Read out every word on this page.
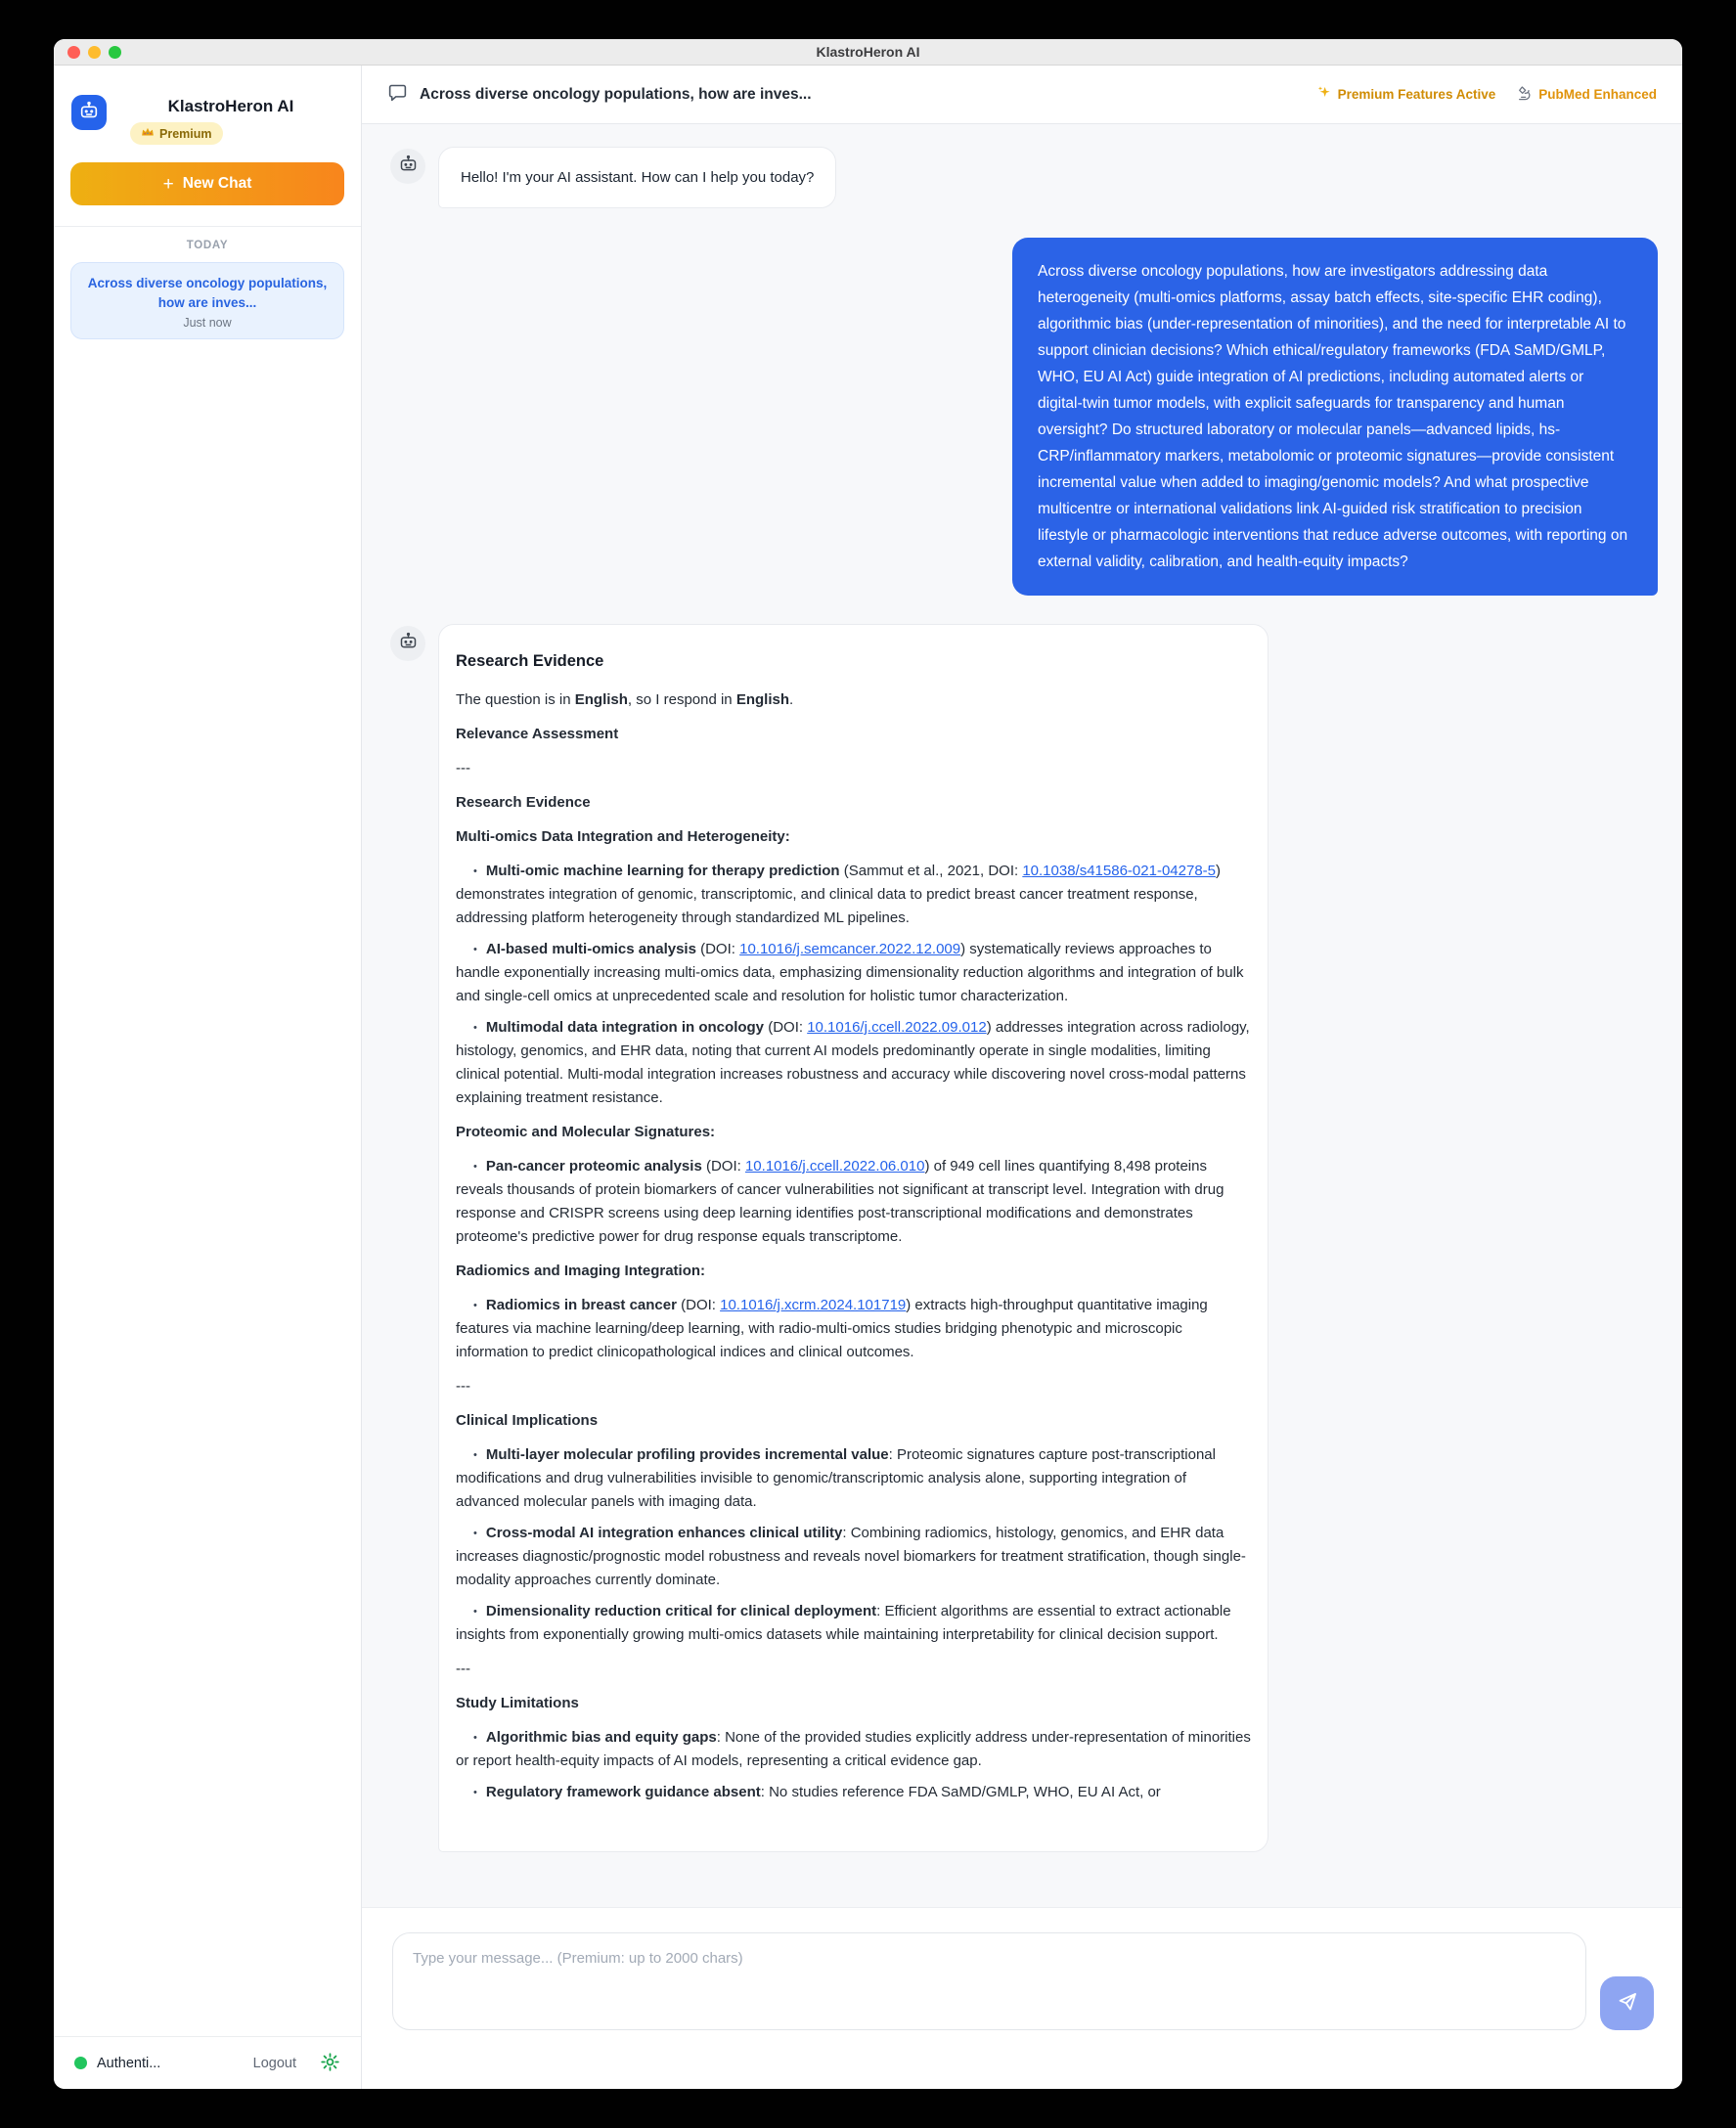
KlastroHeron AI
KlastroHeron AI
Premium
+ New Chat
TODAY
Across diverse oncology populations, how are inves...
Just now
Authenti...	Logout
Across diverse oncology populations, how are inves...	Premium Features Active	PubMed Enhanced
Hello! I'm your AI assistant. How can I help you today?
Across diverse oncology populations, how are investigators addressing data heterogeneity (multi-omics platforms, assay batch effects, site-specific EHR coding), algorithmic bias (under-representation of minorities), and the need for interpretable AI to support clinician decisions? Which ethical/regulatory frameworks (FDA SaMD/GMLP, WHO, EU AI Act) guide integration of AI predictions, including automated alerts or digital-twin tumor models, with explicit safeguards for transparency and human oversight? Do structured laboratory or molecular panels—advanced lipids, hs-CRP/inflammatory markers, metabolomic or proteomic signatures—provide consistent incremental value when added to imaging/genomic models? And what prospective multicentre or international validations link AI-guided risk stratification to precision lifestyle or pharmacologic interventions that reduce adverse outcomes, with reporting on external validity, calibration, and health-equity impacts?
Research Evidence
The question is in English, so I respond in English.
Relevance Assessment
---
Research Evidence
Multi-omics Data Integration and Heterogeneity:
• Multi-omic machine learning for therapy prediction (Sammut et al., 2021, DOI: 10.1038/s41586-021-04278-5) demonstrates integration of genomic, transcriptomic, and clinical data to predict breast cancer treatment response, addressing platform heterogeneity through standardized ML pipelines.
• AI-based multi-omics analysis (DOI: 10.1016/j.semcancer.2022.12.009) systematically reviews approaches to handle exponentially increasing multi-omics data, emphasizing dimensionality reduction algorithms and integration of bulk and single-cell omics at unprecedented scale and resolution for holistic tumor characterization.
• Multimodal data integration in oncology (DOI: 10.1016/j.ccell.2022.09.012) addresses integration across radiology, histology, genomics, and EHR data, noting that current AI models predominantly operate in single modalities, limiting clinical potential. Multi-modal integration increases robustness and accuracy while discovering novel cross-modal patterns explaining treatment resistance.
Proteomic and Molecular Signatures:
• Pan-cancer proteomic analysis (DOI: 10.1016/j.ccell.2022.06.010) of 949 cell lines quantifying 8,498 proteins reveals thousands of protein biomarkers of cancer vulnerabilities not significant at transcript level. Integration with drug response and CRISPR screens using deep learning identifies post-transcriptional modifications and demonstrates proteome's predictive power for drug response equals transcriptome.
Radiomics and Imaging Integration:
• Radiomics in breast cancer (DOI: 10.1016/j.xcrm.2024.101719) extracts high-throughput quantitative imaging features via machine learning/deep learning, with radio-multi-omics studies bridging phenotypic and microscopic information to predict clinicopathological indices and clinical outcomes.
---
Clinical Implications
• Multi-layer molecular profiling provides incremental value: Proteomic signatures capture post-transcriptional modifications and drug vulnerabilities invisible to genomic/transcriptomic analysis alone, supporting integration of advanced molecular panels with imaging data.
• Cross-modal AI integration enhances clinical utility: Combining radiomics, histology, genomics, and EHR data increases diagnostic/prognostic model robustness and reveals novel biomarkers for treatment stratification, though single-modality approaches currently dominate.
• Dimensionality reduction critical for clinical deployment: Efficient algorithms are essential to extract actionable insights from exponentially growing multi-omics datasets while maintaining interpretability for clinical decision support.
---
Study Limitations
• Algorithmic bias and equity gaps: None of the provided studies explicitly address under-representation of minorities or report health-equity impacts of AI models, representing a critical evidence gap.
• Regulatory framework guidance absent: No studies reference FDA SaMD/GMLP, WHO, EU AI Act, or
Type your message... (Premium: up to 2000 chars)
